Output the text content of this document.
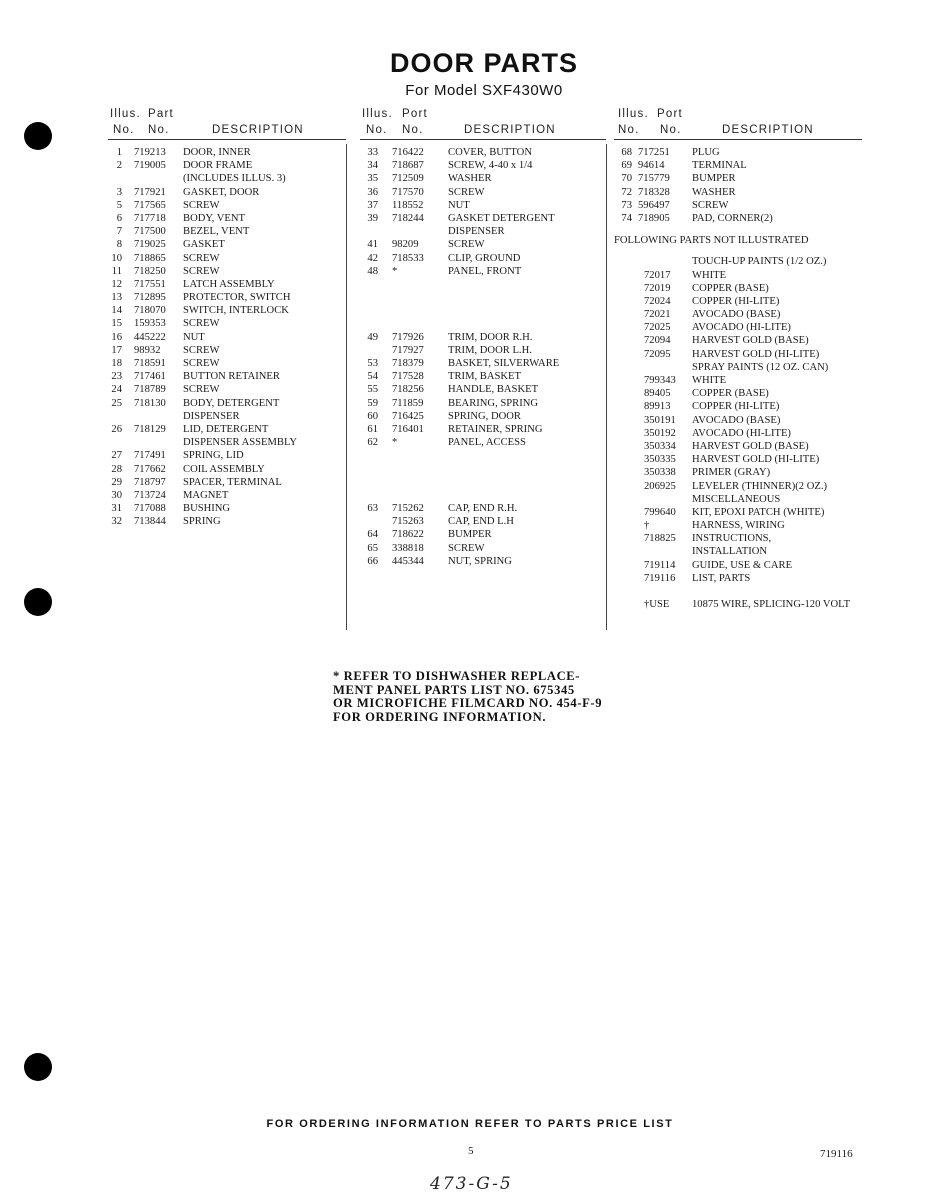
DOOR PARTS
For Model SXF430W0
Illus. Part
No. No.	DESCRIPTION
Illus. Port
No. No.	DESCRIPTION
Illus. Port
No. No.	DESCRIPTION
1 719213 DOOR, INNER
2 719005 DOOR FRAME
(INCLUDES ILLUS. 3)
3 717921 GASKET, DOOR
5 717565 SCREW
6 717718 BODY, VENT
7 717500 BEZEL, VENT
8 719025 GASKET
10 718865 SCREW
11 718250 SCREW
12 717551 LATCH ASSEMBLY
13 712895 PROTECTOR, SWITCH
14 718070 SWITCH, INTERLOCK
15 159353 SCREW
16 445222 NUT
17 98932 SCREW
18 718591 SCREW
23 717461 BUTTON RETAINER
24 718789 SCREW
25 718130 BODY, DETERGENT
DISPENSER
26 718129 LID, DETERGENT
DISPENSER ASSEMBLY
27 717491 SPRING, LID
28 717662 COIL ASSEMBLY
29 718797 SPACER, TERMINAL
30 713724 MAGNET
31 717088 BUSHING
32 713844 SPRING
33 716422 COVER, BUTTON
34 718687 SCREW, 4-40 x 1/4
35 712509 WASHER
36 717570 SCREW
37 118552 NUT
39 718244 GASKET DETERGENT
DISPENSER
41 98209	SCREW
42 718533 CLIP, GROUND
48 *	PANEL, FRONT
49 717926 TRIM, DOOR R.H.
717927 TRIM, DOOR L.H.
53 718379 BASKET, SILVERWARE
54 717528 TRIM, BASKET
55 718256 HANDLE, BASKET
59 711859 BEARING, SPRING
60 716425 SPRING, DOOR
61 716401 RETAINER, SPRING
62 *	PANEL, ACCESS
63 715262 CAP, END R.H.
715263 CAP, END L.H
64 718622 BUMPER
65 338818 SCREW
66 445344 NUT, SPRING
68 717251 PLUG
69 94614	TERMINAL
70 715779 BUMPER
72 718328 WASHER
73 596497 SCREW
74 718905 PAD, CORNER(2)
FOLLOWING PARTS NOT ILLUSTRATED
TOUCH-UP PAINTS (1/2 OZ.)
72017 WHITE
72019 COPPER (BASE)
72024 COPPER (HI-LITE)
72021 AVOCADO (BASE)
72025 AVOCADO (HI-LITE)
72094 HARVEST GOLD (BASE)
72095 HARVEST GOLD (HI-LITE)
SPRAY PAINTS (12 OZ. CAN)
799343 WHITE
89405 COPPER (BASE)
89913 COPPER (HI-LITE)
350191 AVOCADO (BASE)
350192 AVOCADO (HI-LITE)
350334 HARVEST GOLD (BASE)
350335 HARVEST GOLD (HI-LITE)
350338 PRIMER (GRAY)
206925 LEVELER (THINNER)(2 OZ.)
MISCELLANEOUS
799640 KIT, EPOXI PATCH (WHITE)
†	HARNESS, WIRING
718825 INSTRUCTIONS,
INSTALLATION
719114 GUIDE, USE & CARE
719116 LIST, PARTS
†USE 10875 WIRE, SPLICING-120 VOLT
* REFER TO DISHWASHER REPLACE-
MENT PANEL PARTS LIST NO. 675345
OR MICROFICHE FILMCARD NO. 454-F-9
FOR ORDERING INFORMATION.
FOR ORDERING INFORMATION REFER TO PARTS PRICE LIST
5	719116
473-G-5
